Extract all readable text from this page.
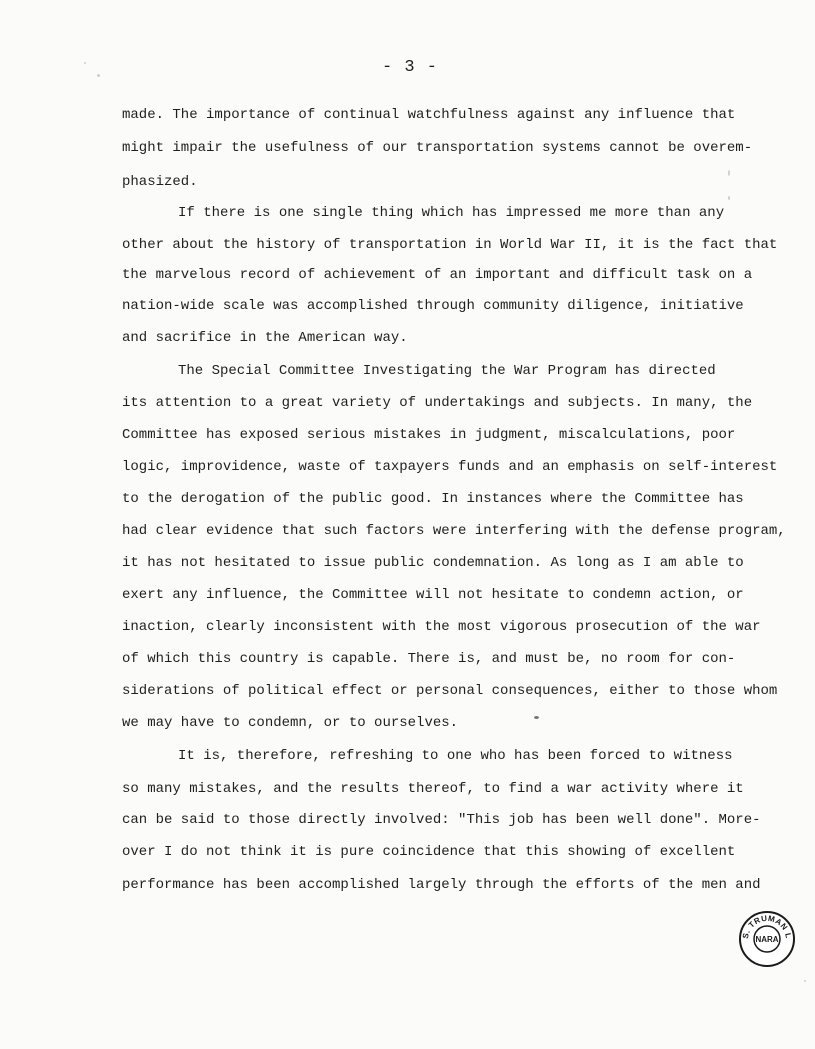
- 3 -
made. The importance of continual watchfulness against any influence that
might impair the usefulness of our transportation systems cannot be overem-
phasized.
If there is one single thing which has impressed me more than any
other about the history of transportation in World War II, it is the fact that
the marvelous record of achievement of an important and difficult task on a
nation-wide scale was accomplished through community diligence, initiative
and sacrifice in the American way.
The Special Committee Investigating the War Program has directed
its attention to a great variety of undertakings and subjects. In many, the
Committee has exposed serious mistakes in judgment, miscalculations, poor
logic, improvidence, waste of taxpayers funds and an emphasis on self-interest
to the derogation of the public good. In instances where the Committee has
had clear evidence that such factors were interfering with the defense program,
it has not hesitated to issue public condemnation. As long as I am able to
exert any influence, the Committee will not hesitate to condemn action, or
inaction, clearly inconsistent with the most vigorous prosecution of the war
of which this country is capable. There is, and must be, no room for con-
siderations of political effect or personal consequences, either to those whom
we may have to condemn, or to ourselves.
It is, therefore, refreshing to one who has been forced to witness
so many mistakes, and the results thereof, to find a war activity where it
can be said to those directly involved: "This job has been well done". More-
over I do not think it is pure coincidence that this showing of excellent
performance has been accomplished largely through the efforts of the men and
S. TRUMAN L
NARA
